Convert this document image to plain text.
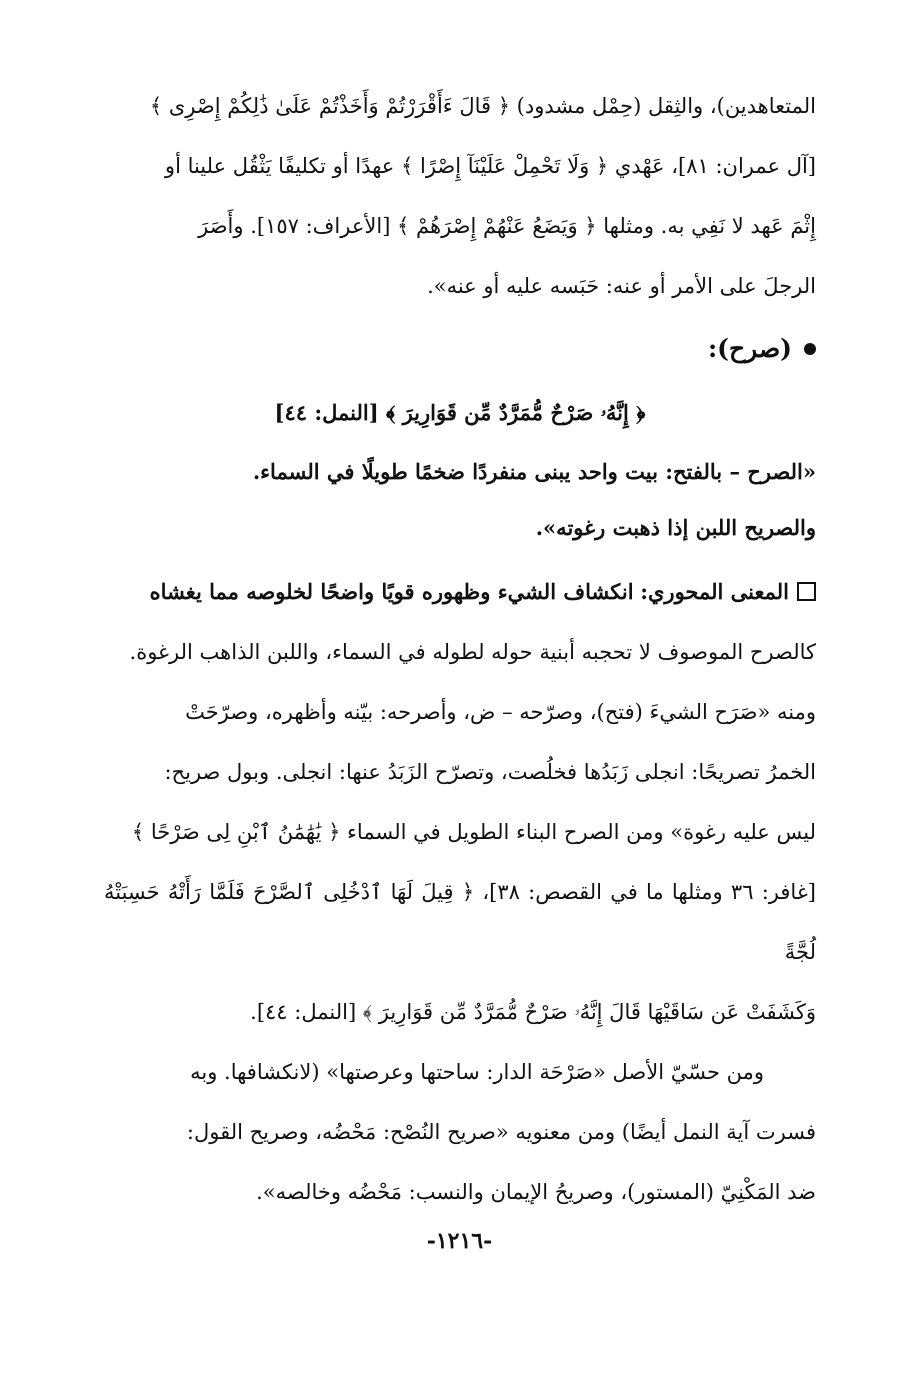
المتعاهدين)، والثِقل (حِمْل مشدود) ﴿ قَالَ ءَأَقْرَرْتُمْ وَأَخَذْتُمْ عَلَىٰ ذَٰلِكُمْ إِصْرِى ﴾

[آل عمران: ٨١]، عَهْدي ﴿ وَلَا تَحْمِلْ عَلَيْنَآ إِصْرًا ﴾ عهدًا أو تكليفًا يَثْقُل علينا أو

إِثْمَ عَهد لا نَفِي به. ومثلها ﴿ وَيَضَعُ عَنْهُمْ إِصْرَهُمْ ﴾ [الأعراف: ١٥٧]. وأَصَرَ

الرجلَ على الأمر أو عنه: حَبَسه عليه أو عنه».

(صرح):

﴿ إِنَّهُۥ صَرْحٌ مُّمَرَّدٌ مِّن قَوَارِيرَ ﴾ [النمل: ٤٤]

«الصرح – بالفتح: بيت واحد يبنى منفردًا ضخمًا طويلًا في السماء.

والصريح اللبن إذا ذهبت رغوته».

المعنى المحوري: انكشاف الشيء وظهوره قويًا واضحًا لخلوصه مما يغشاه

كالصرح الموصوف لا تحجبه أبنية حوله لطوله في السماء، واللبن الذاهب الرغوة.

ومنه «صَرَح الشيءَ (فتح)، وصرّحه – ض، وأصرحه: بيّنه وأظهره، وصرّحَتْ

الخمرُ تصريحًا: انجلى زَبَدُها فخلُصت، وتصرّح الزَبَدُ عنها: انجلى. وبول صريح:

ليس عليه رغوة» ومن الصرح البناء الطويل في السماء ﴿ يَٰهَٰمَٰنُ ٱبْنِ لِى صَرْحًا ﴾

[غافر: ٣٦ ومثلها ما في القصص: ٣٨]، ﴿ قِيلَ لَهَا ٱدْخُلِى ٱلصَّرْحَ فَلَمَّا رَأَتْهُ حَسِبَتْهُ لُجَّةً

وَكَشَفَتْ عَن سَاقَيْهَا قَالَ إِنَّهُۥ صَرْحٌ مُّمَرَّدٌ مِّن قَوَارِيرَ ﴾ [النمل: ٤٤].

ومن حسّيّ الأصل «صَرْحَة الدار: ساحتها وعرصتها» (لانكشافها. وبه

فسرت آية النمل أيضًا) ومن معنويه «صريح النُصْح: مَحْضُه، وصريح القول:

ضد المَكْنِيّ (المستور)، وصريحُ الإيمان والنسب: مَحْضُه وخالصه».

-١٢١٦-
